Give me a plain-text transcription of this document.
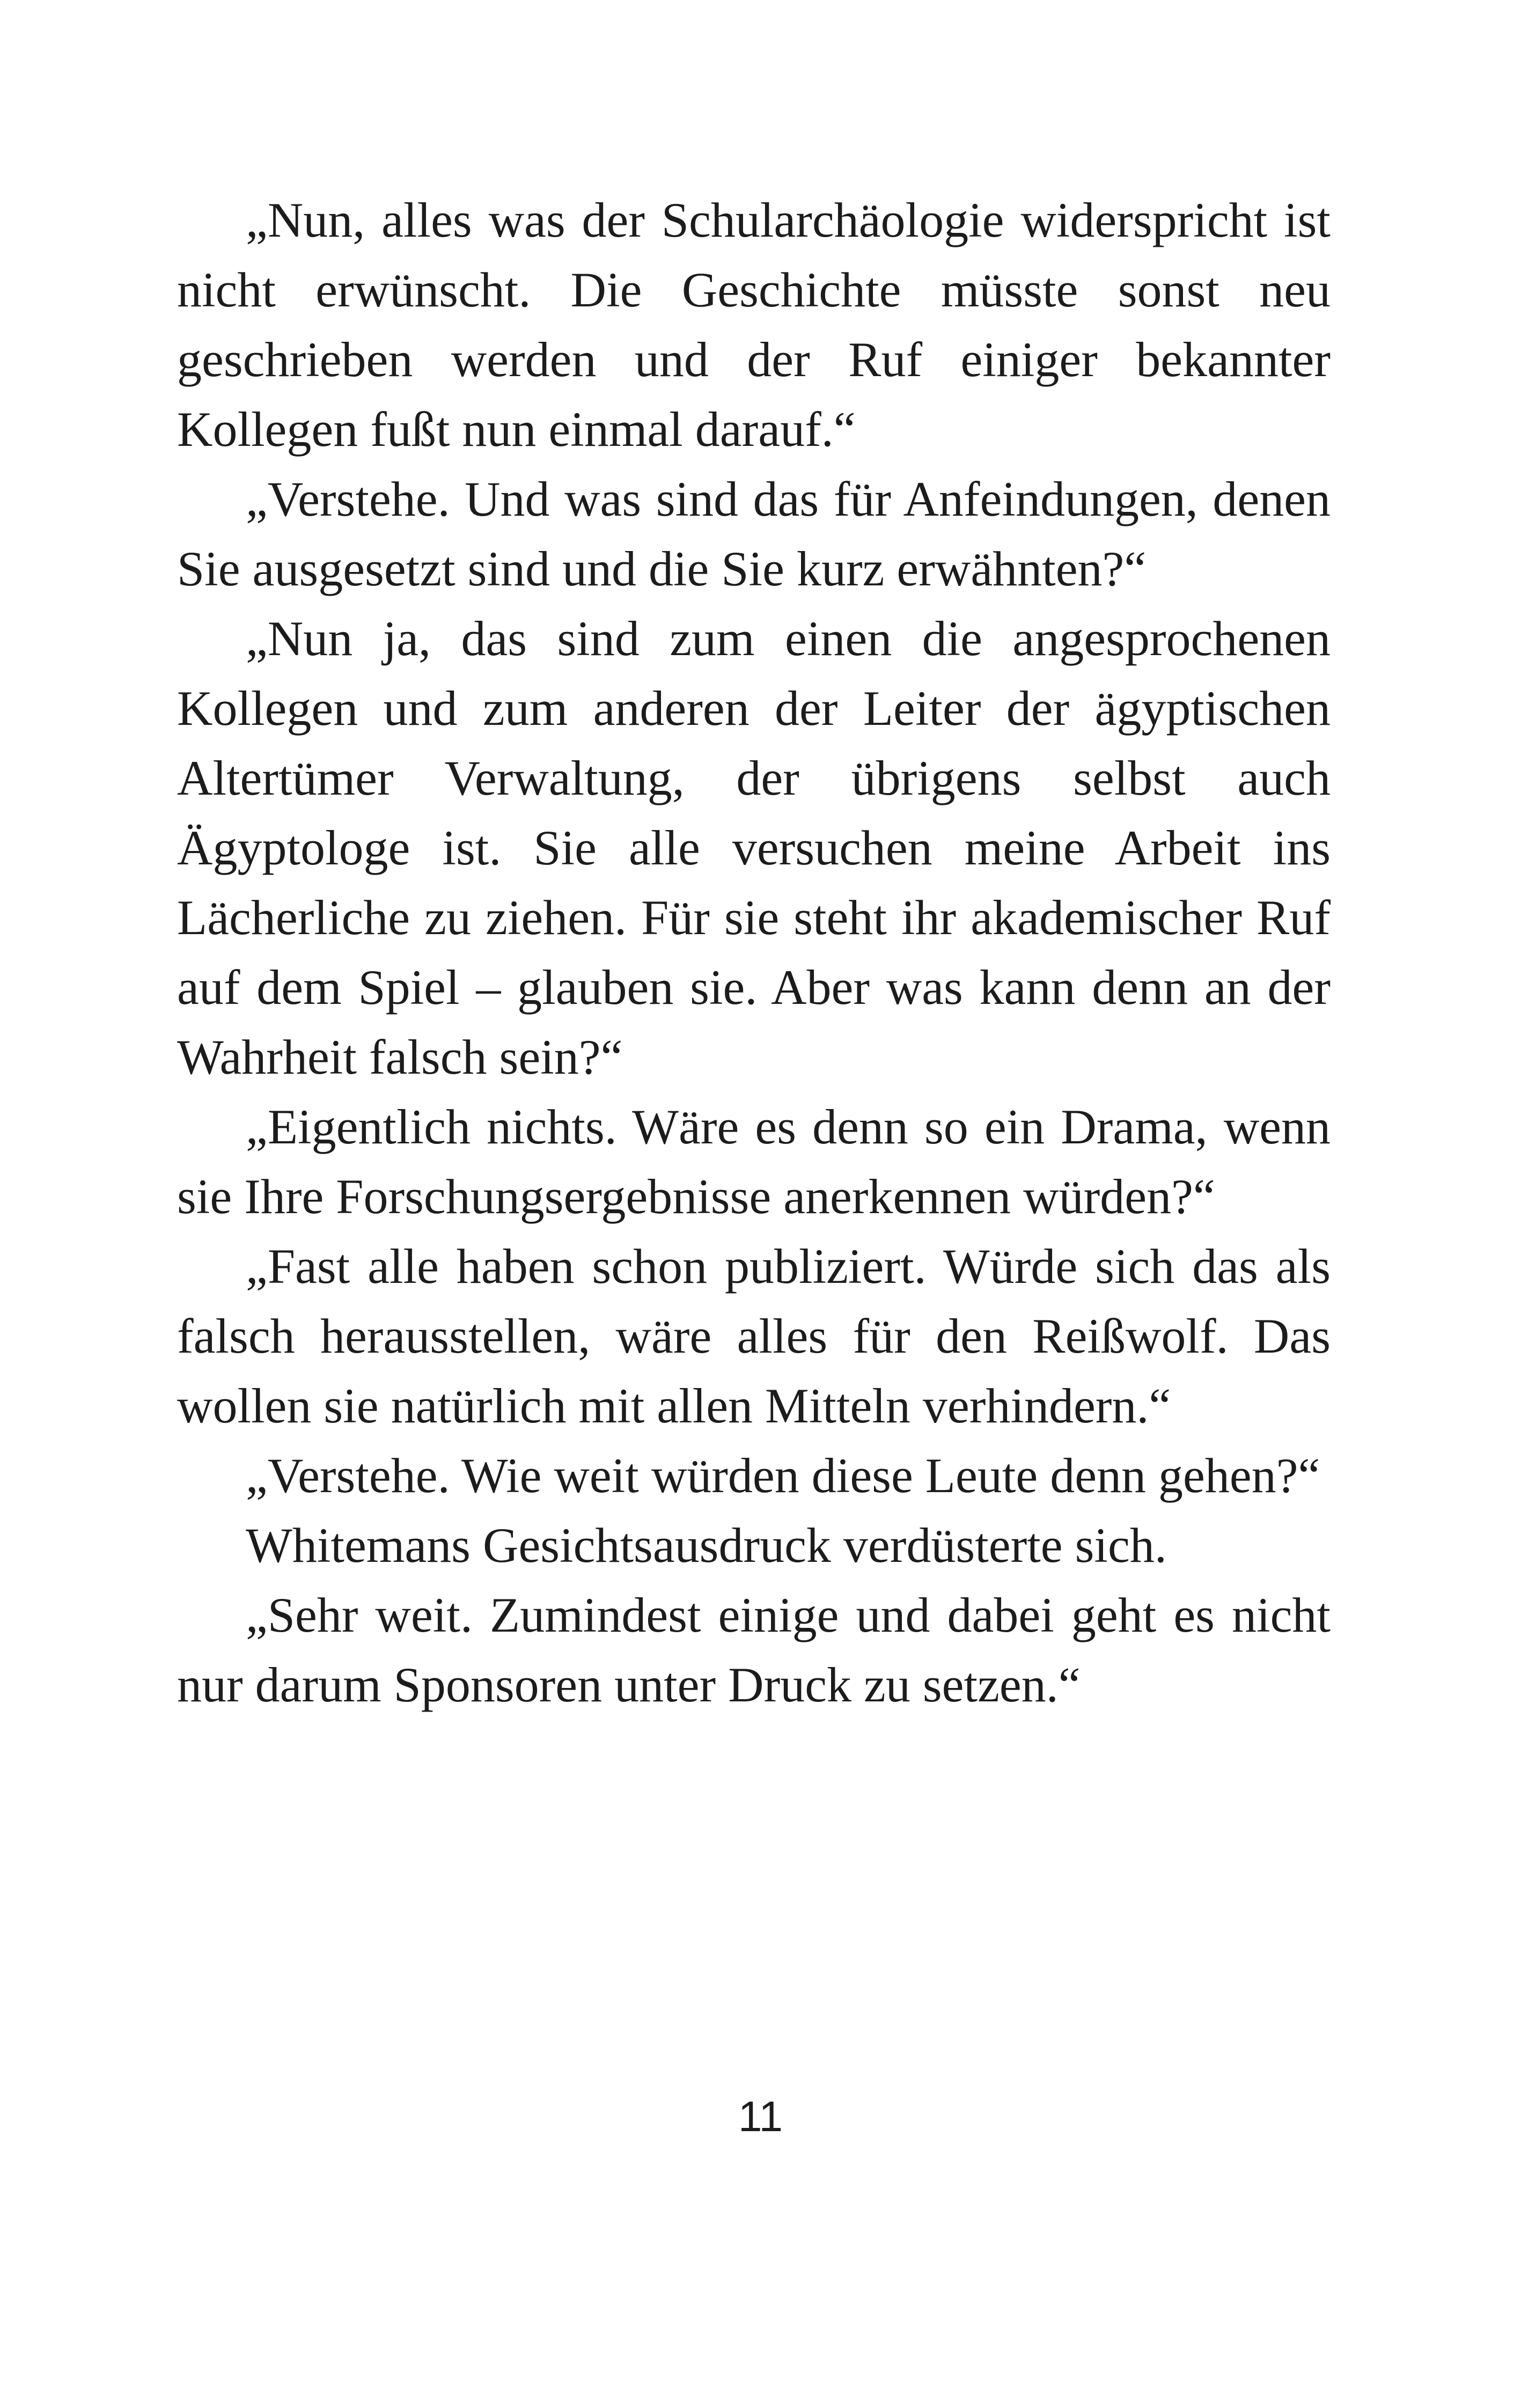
„Nun, alles was der Schularchäologie widerspricht ist nicht erwünscht. Die Geschichte müsste sonst neu geschrieben werden und der Ruf einiger bekannter Kollegen fußt nun einmal darauf.“

„Verstehe. Und was sind das für Anfeindungen, denen Sie ausgesetzt sind und die Sie kurz erwähnten?“

„Nun ja, das sind zum einen die angesprochenen Kollegen und zum anderen der Leiter der ägyptischen Altertümer Verwaltung, der übrigens selbst auch Ägyptologe ist. Sie alle versuchen meine Arbeit ins Lächerliche zu ziehen. Für sie steht ihr akademischer Ruf auf dem Spiel – glauben sie. Aber was kann denn an der Wahrheit falsch sein?“

„Eigentlich nichts. Wäre es denn so ein Drama, wenn sie Ihre Forschungsergebnisse anerkennen würden?“

„Fast alle haben schon publiziert. Würde sich das als falsch herausstellen, wäre alles für den Reißwolf. Das wollen sie natürlich mit allen Mitteln verhindern.“

„Verstehe. Wie weit würden diese Leute denn gehen?“

Whitemans Gesichtsausdruck verdüsterte sich.

„Sehr weit. Zumindest einige und dabei geht es nicht nur darum Sponsoren unter Druck zu setzen.“

11
